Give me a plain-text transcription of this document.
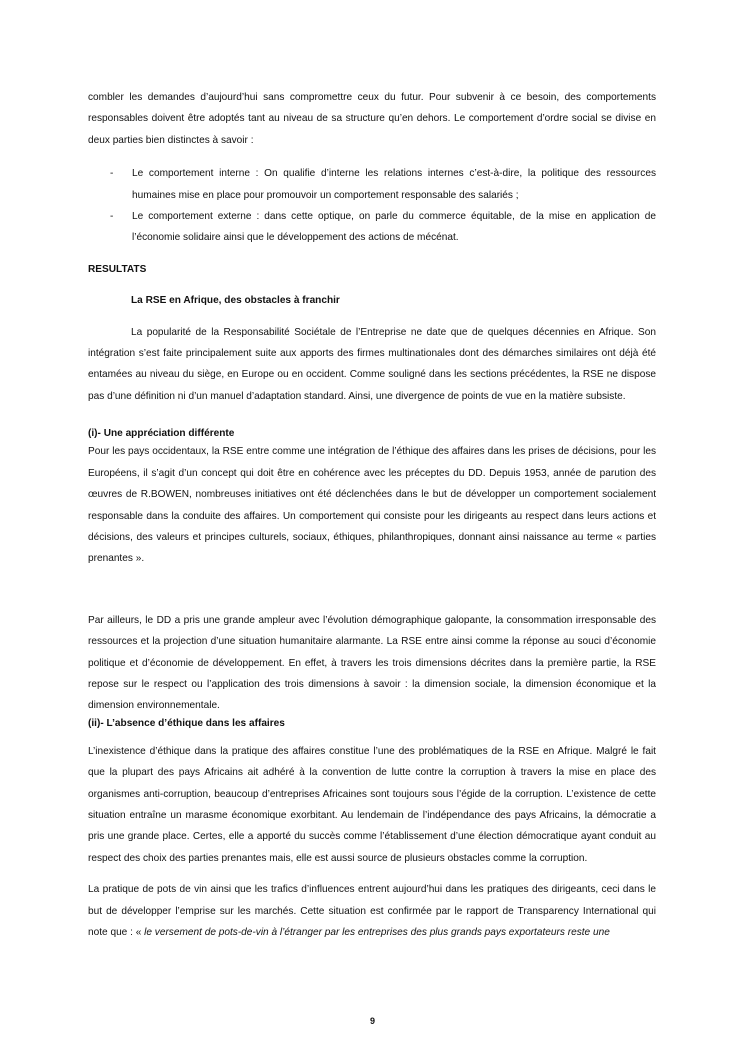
combler les demandes d’aujourd’hui sans compromettre ceux du futur. Pour subvenir à ce besoin, des comportements responsables doivent être adoptés tant au niveau de sa structure qu’en dehors. Le comportement d’ordre social se divise en deux parties bien distinctes à savoir :

- Le comportement interne : On qualifie d’interne les relations internes c’est-à-dire, la politique des ressources humaines mise en place pour promouvoir un comportement responsable des salariés ;
- Le comportement externe : dans cette optique, on parle du commerce équitable, de la mise en application de l’économie solidaire ainsi que le développement des actions de mécénat.
RESULTATS
La RSE en Afrique, des obstacles à franchir

La popularité de la Responsabilité Sociétale de l’Entreprise ne date que de quelques décennies en Afrique. Son intégration s’est faite principalement suite aux apports des firmes multinationales dont des démarches similaires ont déjà été entamées au niveau du siège, en Europe ou en occident. Comme souligné dans les sections précédentes, la RSE ne dispose pas d’une définition ni d’un manuel d’adaptation standard. Ainsi, une divergence de points de vue en la matière subsiste.

(i)- Une appréciation différente

Pour les pays occidentaux, la RSE entre comme une intégration de l’éthique des affaires dans les prises de décisions, pour les Européens, il s’agit d’un concept qui doit être en cohérence avec les préceptes du DD. Depuis 1953, année de parution des œuvres de R.BOWEN, nombreuses initiatives ont été déclenchées dans le but de développer un comportement socialement responsable dans la conduite des affaires. Un comportement qui consiste pour les dirigeants au respect dans leurs actions et décisions, des valeurs et principes culturels, sociaux, éthiques, philanthropiques, donnant ainsi naissance au terme « parties prenantes ».

Par ailleurs, le DD a pris une grande ampleur avec l’évolution démographique galopante, la consommation irresponsable des ressources et la projection d’une situation humanitaire alarmante. La RSE entre ainsi comme la réponse au souci d’économie politique et d’économie de développement. En effet, à travers les trois dimensions décrites dans la première partie, la RSE repose sur le respect ou l’application des trois dimensions à savoir : la dimension sociale, la dimension économique et la dimension environnementale.

(ii)- L’absence d’éthique dans les affaires

L’inexistence d’éthique dans la pratique des affaires constitue l’une des problématiques de la RSE en Afrique. Malgré le fait que la plupart des pays Africains ait adhéré à la convention de lutte contre la corruption à travers la mise en place des organismes anti-corruption, beaucoup d’entreprises Africaines sont toujours sous l’égide de la corruption. L’existence de cette situation entraîne un marasme économique exorbitant. Au lendemain de l’indépendance des pays Africains, la démocratie a pris une grande place. Certes, elle a apporté du succès comme l’établissement d’une élection démocratique ayant conduit au respect des choix des parties prenantes mais, elle est aussi source de plusieurs obstacles comme la corruption.

La pratique de pots de vin ainsi que les trafics d’influences entrent aujourd’hui dans les pratiques des dirigeants, ceci dans le but de développer l’emprise sur les marchés. Cette situation est confirmée par le rapport de Transparency International qui note que : « le versement de pots-de-vin à l’étranger par les entreprises des plus grands pays exportateurs reste une

9
